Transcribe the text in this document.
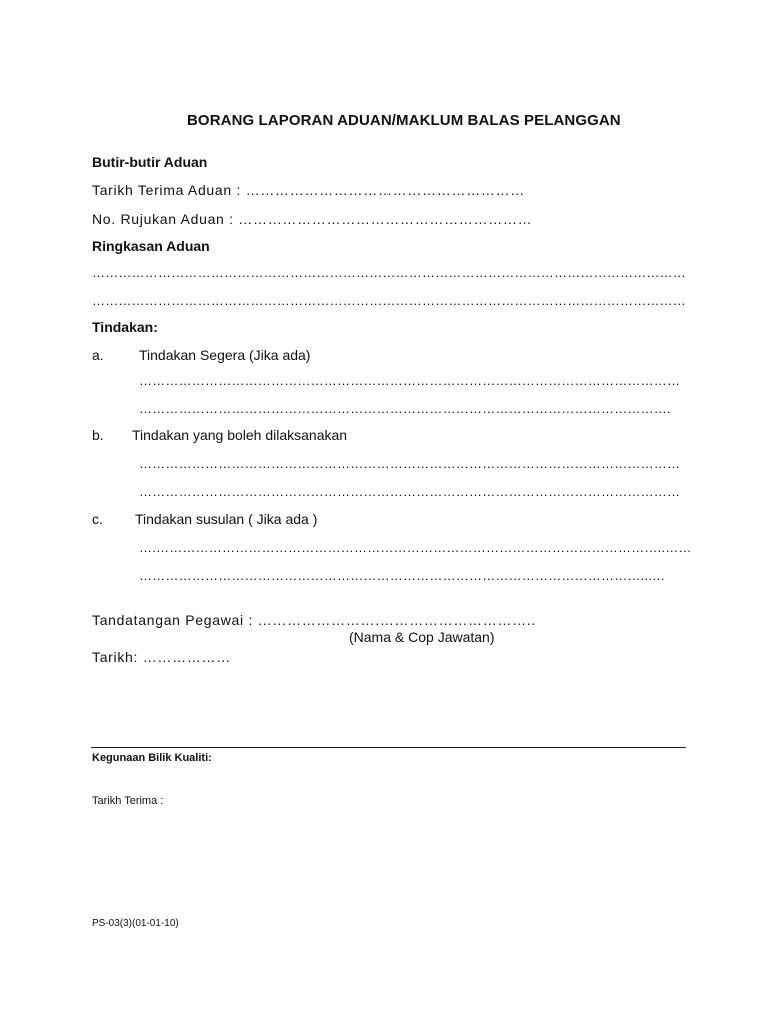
BORANG LAPORAN ADUAN/MAKLUM BALAS PELANGGAN
Butir-butir Aduan
Tarikh Terima Aduan : …………………………………………………
No. Rujukan Aduan : ……………………………………………………
Ringkasan Aduan
………………………………………………………………………………………………………………………
………………………………………………………………………………………………………………………
Tindakan:
a.	Tindakan Segera (Jika ada)
……………………………………………………………………………………………………………
………………………………………………………………………………………………………….
b. Tindakan yang boleh dilaksanakan
……………………………………………………………………………………………………………
……………………………………………………………………………………………………………
c. Tindakan susulan ( Jika ada )
….……………………………………………………………………………………………………..……
……………………………………………………………………………………………………...…
Tandatangan Pegawai : …………………….…………………………..
(Nama & Cop Jawatan)
Tarikh: ………………
Kegunaan Bilik Kualiti:
Tarikh Terima :
PS-03(3)(01-01-10)
